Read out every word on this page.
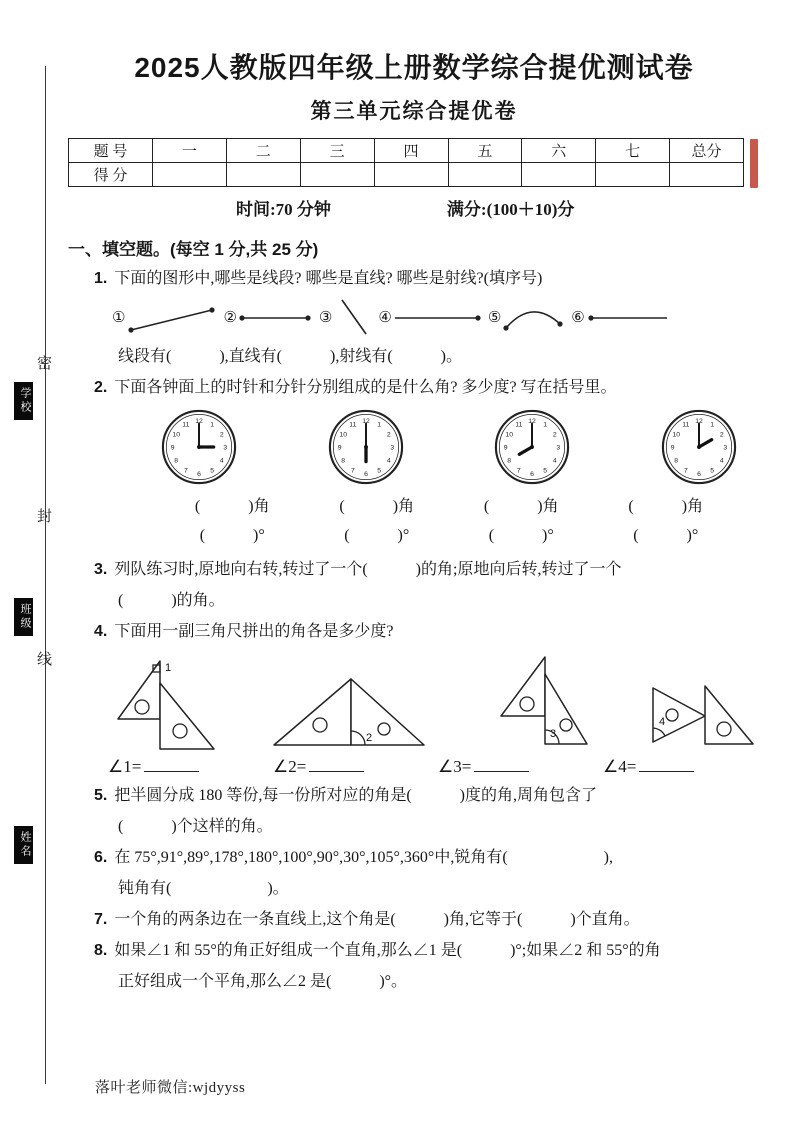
密
封
线
学校
班级
姓名
2025人教版四年级上册数学综合提优测试卷
第三单元综合提优卷
题 号	一	二	三	四	五	六	七	总分
得 分								
时间:70 分钟	满分:(100＋10)分
一、填空题。(每空 1 分,共 25 分)
1. 下面的图形中,哪些是线段? 哪些是直线? 哪些是射线?(填序号)
①	②	③	④	⑤	⑥
线段有(　　　),直线有(　　　),射线有(　　　)。
2. 下面各钟面上的时针和分针分别组成的是什么角? 多少度? 写在括号里。
1
2
3
4
5
6
7
8
9
10
11
12
1
2
3
4
5
6
7
8
9
10
11
12
1
2
3
4
5
6
7
8
9
10
11
12
1
2
3
4
5
6
7
8
9
10
11
12
(　　　)角	(　　　)角	(　　　)角	(　　　)角
(　　　)°	(　　　)°	(　　　)°	(　　　)°
3. 列队练习时,原地向右转,转过了一个(　　　)的角;原地向后转,转过了一个
(　　　)的角。
4. 下面用一副三角尺拼出的角各是多少度?
1
2	3
4
∠1=	∠2=	∠3=	∠4=
5. 把半圆分成 180 等份,每一份所对应的角是(　　　)度的角,周角包含了
(　　　)个这样的角。
6. 在 75°,91°,89°,178°,180°,100°,90°,30°,105°,360°中,锐角有(　　　　　　),
钝角有(　　　　　　)。
7. 一个角的两条边在一条直线上,这个角是(　　　)角,它等于(　　　)个直角。
8. 如果∠1 和 55°的角正好组成一个直角,那么∠1 是(　　　)°;如果∠2 和 55°的角
正好组成一个平角,那么∠2 是(　　　)°。
落叶老师微信:wjdyyss
